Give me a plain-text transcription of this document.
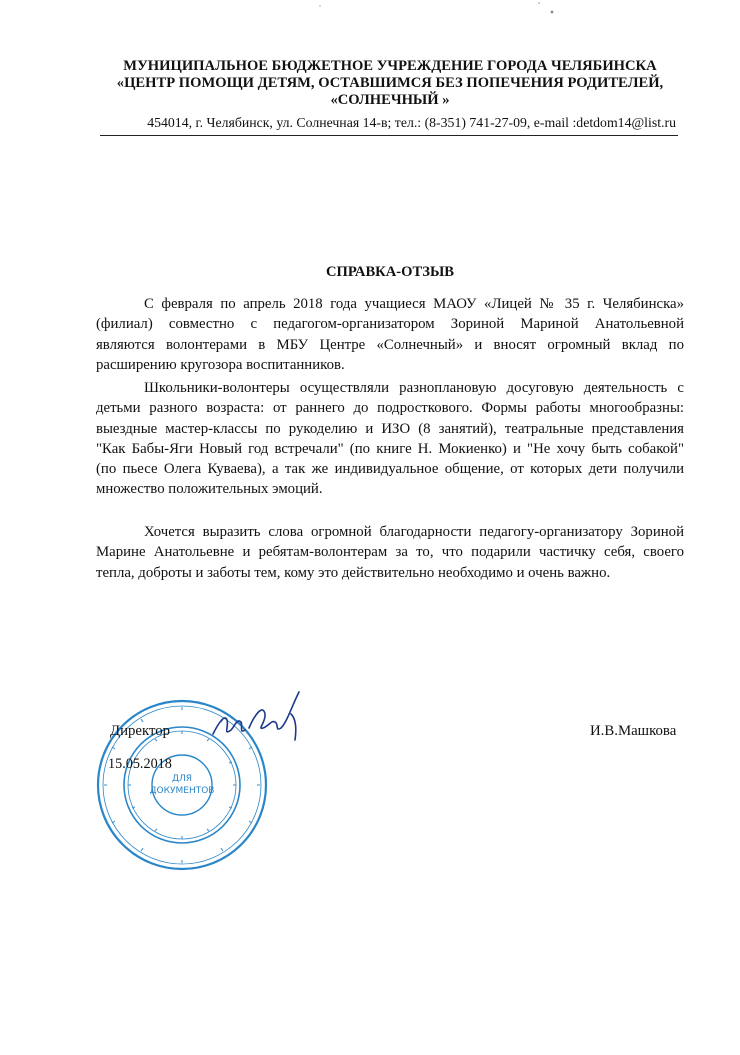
МУНИЦИПАЛЬНОЕ БЮДЖЕТНОЕ УЧРЕЖДЕНИЕ ГОРОДА ЧЕЛЯБИНСКА
«ЦЕНТР ПОМОЩИ ДЕТЯМ, ОСТАВШИМСЯ БЕЗ ПОПЕЧЕНИЯ РОДИТЕЛЕЙ,
«СОЛНЕЧНЫЙ »
454014, г. Челябинск, ул. Солнечная 14-в; тел.: (8-351) 741-27-09, e-mail :detdom14@list.ru
СПРАВКА-ОТЗЫВ
С февраля по апрель 2018 года учащиеся МАОУ «Лицей № 35 г. Челябинска»
(филиал) совместно с педагогом-организатором Зориной Мариной Анатольевной
являются волонтерами в МБУ Центре «Солнечный» и вносят огромный вклад по
расширению кругозора воспитанников.
Школьники-волонтеры осуществляли разноплановую досуговую деятельность с
детьми разного возраста: от раннего до подросткового. Формы работы многообразны:
выездные мастер-классы по рукоделию и ИЗО (8 занятий), театральные представления
"Как Бабы-Яги Новый год встречали" (по книге Н. Мокиенко) и "Не хочу быть собакой"
(по пьесе Олега Куваева), а так же индивидуальное общение, от которых дети получили
множество положительных эмоций.
Хочется выразить слова огромной благодарности педагогу-организатору Зориной
Марине Анатольевне и ребятам-волонтерам за то, что подарили частичку себя, своего
тепла, доброты и заботы тем, кому это действительно необходимо и очень важно.
ДЛЯ
ДОКУМЕНТОВ
Директор	И.В.Машкова
15.05.2018
